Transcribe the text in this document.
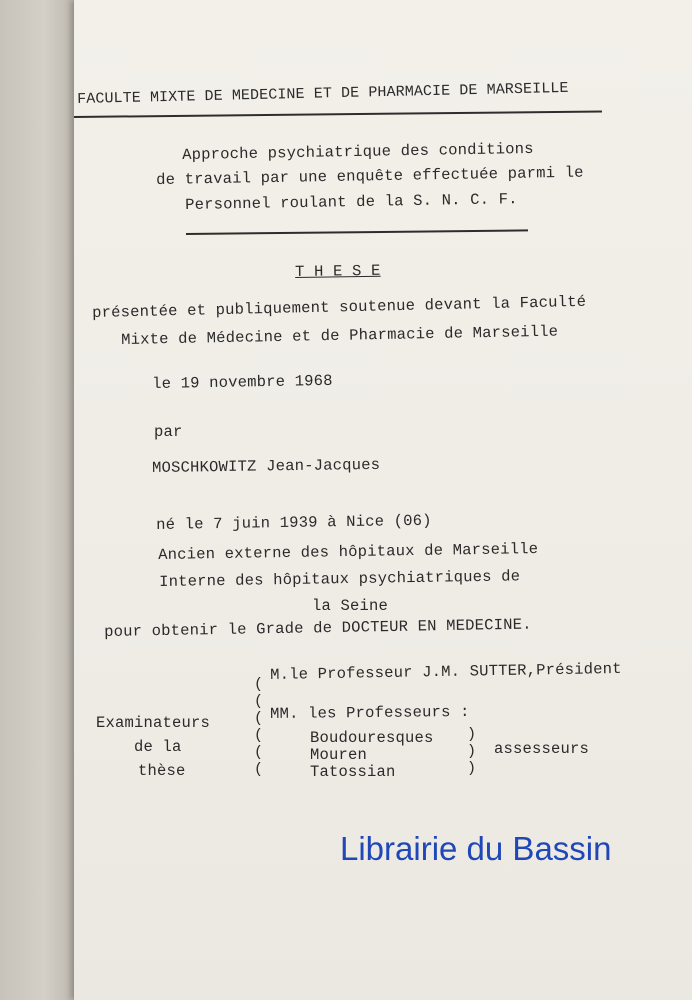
FACULTE MIXTE DE MEDECINE ET DE PHARMACIE DE MARSEILLE
Approche psychiatrique des conditions
de travail par une enquête effectuée parmi le
Personnel roulant de la S. N. C. F.
T H E S E
présentée et publiquement soutenue devant la Faculté
Mixte de Médecine et de Pharmacie de Marseille
le 19 novembre 1968
par
MOSCHKOWITZ Jean-Jacques
né le 7 juin 1939 à Nice (06)
Ancien externe des hôpitaux de Marseille
Interne des hôpitaux psychiatriques de
la Seine
pour obtenir le Grade de DOCTEUR EN MEDECINE.
Examinateurs
de la
thèse
(
(
(
(
(
(
M.le Professeur J.M. SUTTER,Président
MM. les Professeurs :
Boudouresques
Mouren
Tatossian
)
)
)
assesseurs
Librairie du Bassin
